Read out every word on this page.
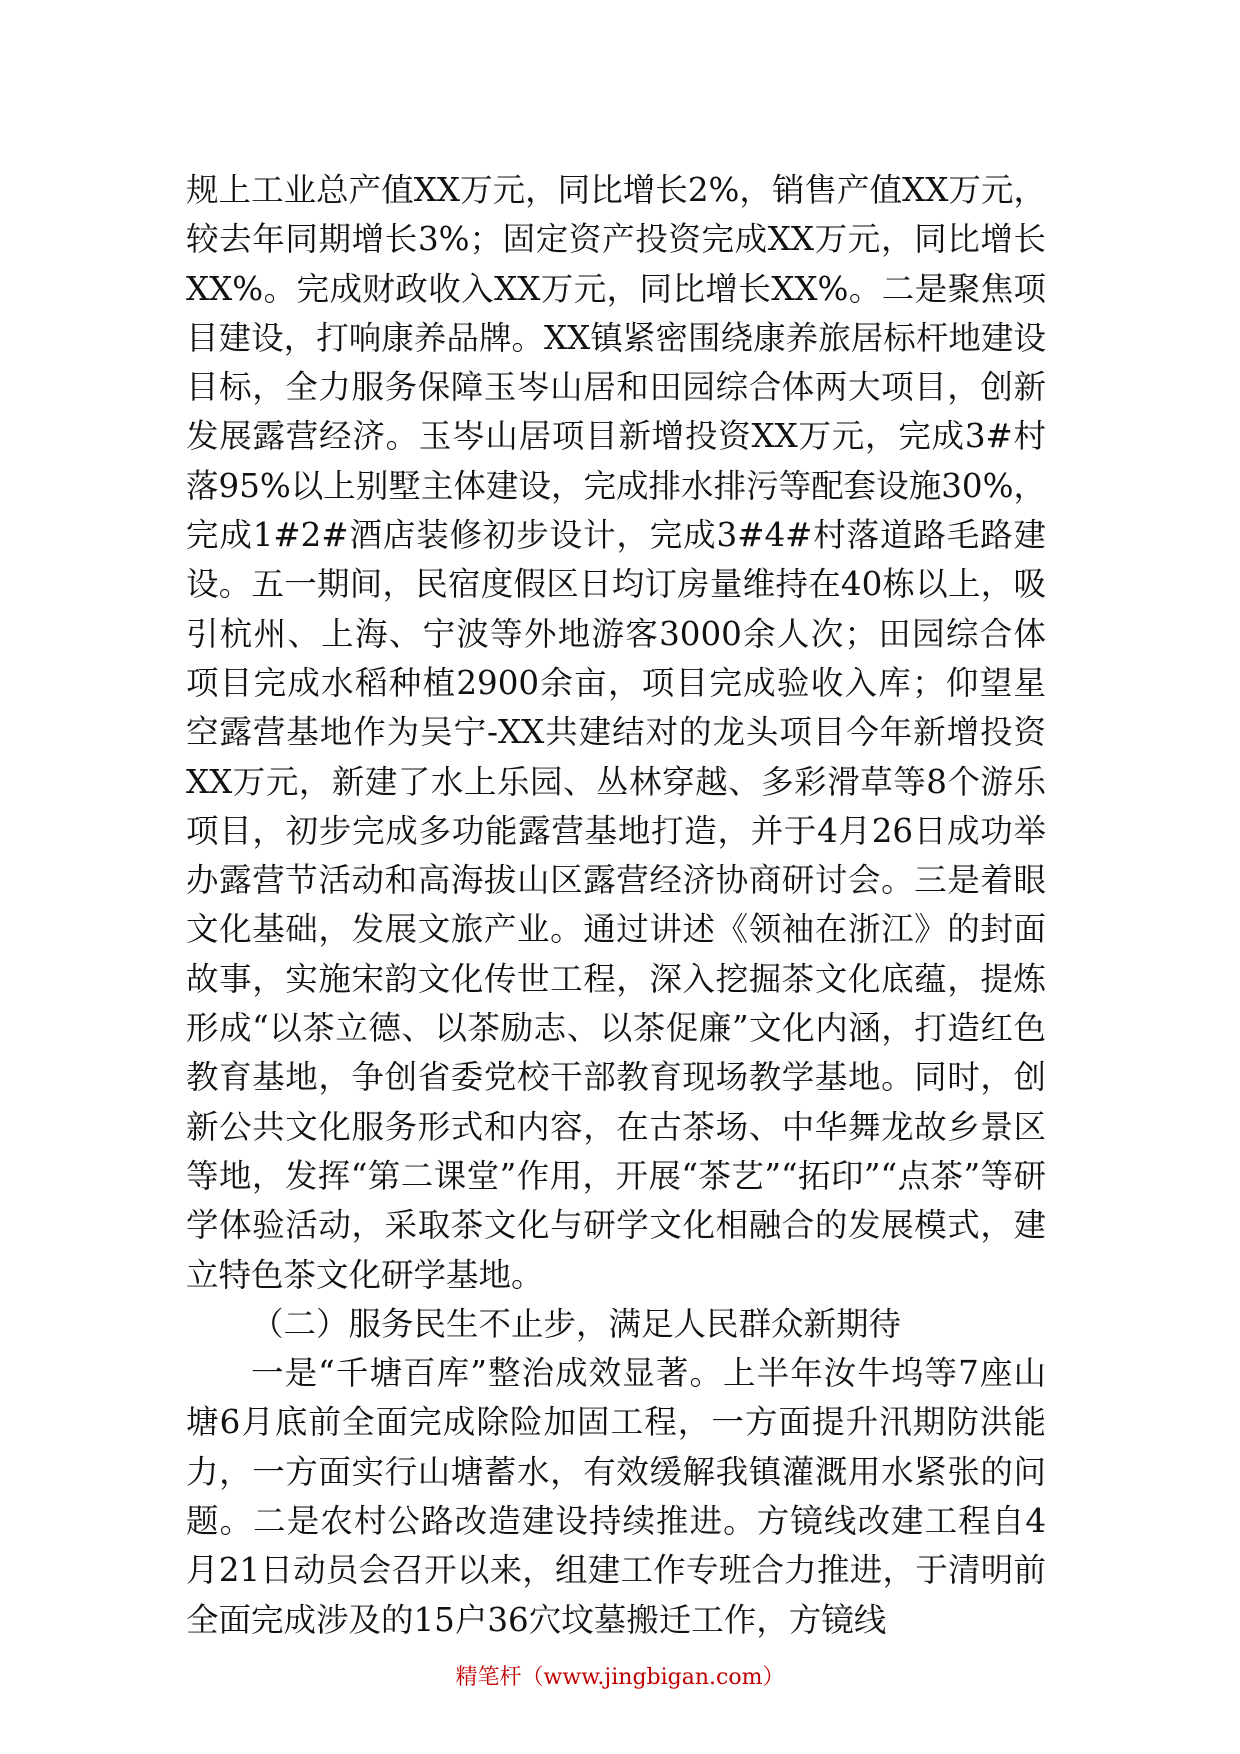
规上工业总产值XX万元，同比增长2%，销售产值XX万元，较去年同期增长3%；固定资产投资完成XX万元，同比增长XX%。完成财政收入XX万元，同比增长XX%。二是聚焦项目建设，打响康养品牌。XX镇紧密围绕康养旅居标杆地建设目标，全力服务保障玉岑山居和田园综合体两大项目，创新发展露营经济。玉岑山居项目新增投资XX万元，完成3#村落95%以上别墅主体建设，完成排水排污等配套设施30%，完成1#2#酒店装修初步设计，完成3#4#村落道路毛路建设。五一期间，民宿度假区日均订房量维持在40栋以上，吸引杭州、上海、宁波等外地游客3000余人次；田园综合体项目完成水稻种植2900余亩，项目完成验收入库；仰望星空露营基地作为吴宁-XX共建结对的龙头项目今年新增投资XX万元，新建了水上乐园、丛林穿越、多彩滑草等8个游乐项目，初步完成多功能露营基地打造，并于4月26日成功举办露营节活动和高海拔山区露营经济协商研讨会。三是着眼文化基础，发展文旅产业。通过讲述《领袖在浙江》的封面故事，实施宋韵文化传世工程，深入挖掘茶文化底蕴，提炼形成“以茶立德、以茶励志、以茶促廉”文化内涵，打造红色教育基地，争创省委党校干部教育现场教学基地。同时，创新公共文化服务形式和内容，在古茶场、中华舞龙故乡景区等地，发挥“第二课堂”作用，开展“茶艺”“拓印”“点茶”等研学体验活动，采取茶文化与研学文化相融合的发展模式，建立特色茶文化研学基地。

（二）服务民生不止步，满足人民群众新期待

一是“千塘百库”整治成效显著。上半年汝牛坞等7座山塘6月底前全面完成除险加固工程，一方面提升汛期防洪能力，一方面实行山塘蓄水，有效缓解我镇灌溉用水紧张的问题。二是农村公路改造建设持续推进。方镜线改建工程自4月21日动员会召开以来，组建工作专班合力推进，于清明前全面完成涉及的15户36穴坟墓搬迁工作，方镜线

精笔杆（www.jingbigan.com）
